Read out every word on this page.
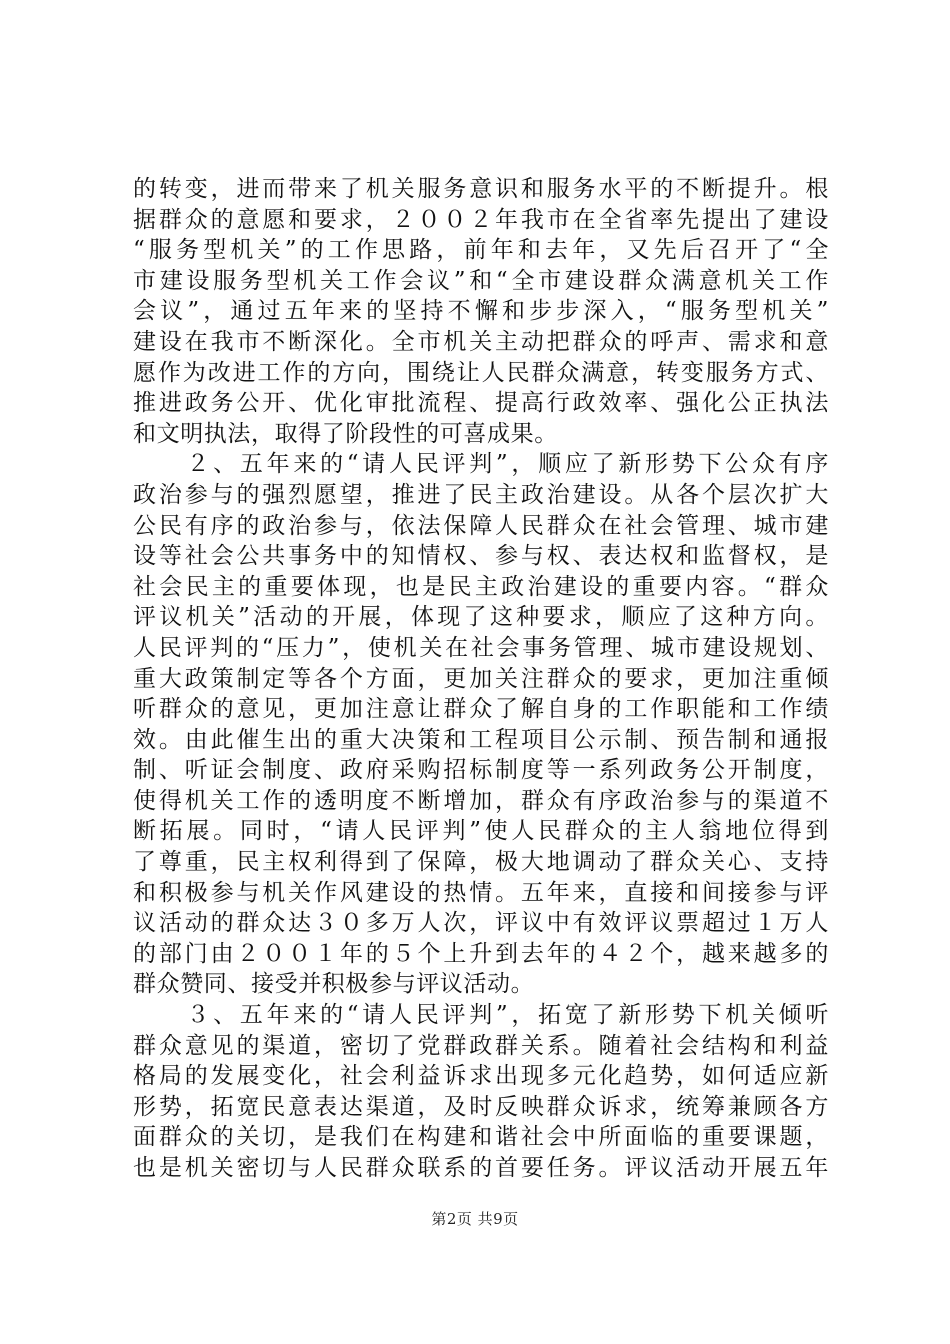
的转变，进而带来了机关服务意识和服务水平的不断提升。根
据群众的意愿和要求，２００２年我市在全省率先提出了建设
“服务型机关”的工作思路，前年和去年，又先后召开了“全
市建设服务型机关工作会议”和“全市建设群众满意机关工作
会议”，通过五年来的坚持不懈和步步深入，“服务型机关”
建设在我市不断深化。全市机关主动把群众的呼声、需求和意
愿作为改进工作的方向，围绕让人民群众满意，转变服务方式、
推进政务公开、优化审批流程、提高行政效率、强化公正执法
和文明执法，取得了阶段性的可喜成果。
　　２、五年来的“请人民评判”，顺应了新形势下公众有序
政治参与的强烈愿望，推进了民主政治建设。从各个层次扩大
公民有序的政治参与，依法保障人民群众在社会管理、城市建
设等社会公共事务中的知情权、参与权、表达权和监督权，是
社会民主的重要体现，也是民主政治建设的重要内容。“群众
评议机关”活动的开展，体现了这种要求，顺应了这种方向。
人民评判的“压力”，使机关在社会事务管理、城市建设规划、
重大政策制定等各个方面，更加关注群众的要求，更加注重倾
听群众的意见，更加注意让群众了解自身的工作职能和工作绩
效。由此催生出的重大决策和工程项目公示制、预告制和通报
制、听证会制度、政府采购招标制度等一系列政务公开制度，
使得机关工作的透明度不断增加，群众有序政治参与的渠道不
断拓展。同时，“请人民评判”使人民群众的主人翁地位得到
了尊重，民主权利得到了保障，极大地调动了群众关心、支持
和积极参与机关作风建设的热情。五年来，直接和间接参与评
议活动的群众达３０多万人次，评议中有效评议票超过１万人
的部门由２００１年的５个上升到去年的４２个，越来越多的
群众赞同、接受并积极参与评议活动。
　　３、五年来的“请人民评判”，拓宽了新形势下机关倾听
群众意见的渠道，密切了党群政群关系。随着社会结构和利益
格局的发展变化，社会利益诉求出现多元化趋势，如何适应新
形势，拓宽民意表达渠道，及时反映群众诉求，统筹兼顾各方
面群众的关切，是我们在构建和谐社会中所面临的重要课题，
也是机关密切与人民群众联系的首要任务。评议活动开展五年
第2页 共9页
